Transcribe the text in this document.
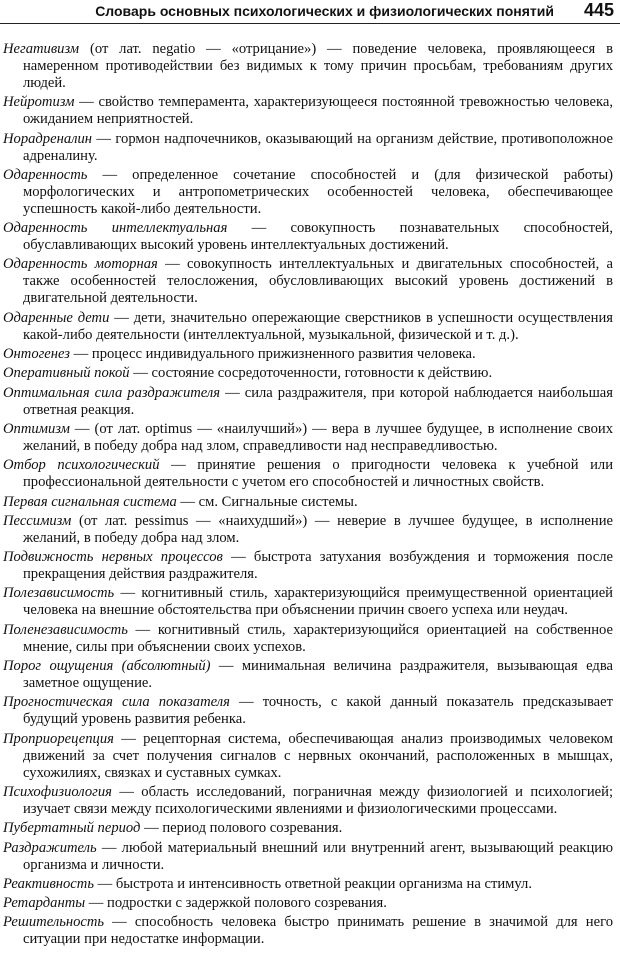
Словарь основных психологических и физиологических понятий 445

Негативизм (от лат. negatio — «отрицание») — поведение человека, проявляющееся в намеренном противодействии без видимых к тому причин просьбам, требованиям других людей.

Нейротизм — свойство темперамента, характеризующееся постоянной тревожностью человека, ожиданием неприятностей.

Норадреналин — гормон надпочечников, оказывающий на организм действие, противоположное адреналину.

Одаренность — определенное сочетание способностей и (для физической работы) морфологических и антропометрических особенностей человека, обеспечивающее успешность какой-либо деятельности.

Одаренность интеллектуальная — совокупность познавательных способностей, обуславливающих высокий уровень интеллектуальных достижений.

Одаренность моторная — совокупность интеллектуальных и двигательных способностей, а также особенностей телосложения, обусловливающих высокий уровень достижений в двигательной деятельности.

Одаренные дети — дети, значительно опережающие сверстников в успешности осуществления какой-либо деятельности (интеллектуальной, музыкальной, физической и т. д.).

Онтогенез — процесс индивидуального прижизненного развития человека.

Оперативный покой — состояние сосредоточенности, готовности к действию.

Оптимальная сила раздражителя — сила раздражителя, при которой наблюдается наибольшая ответная реакция.

Оптимизм — (от лат. optimus — «наилучший») — вера в лучшее будущее, в исполнение своих желаний, в победу добра над злом, справедливости над несправедливостью.

Отбор психологический — принятие решения о пригодности человека к учебной или профессиональной деятельности с учетом его способностей и личностных свойств.

Первая сигнальная система — см. Сигнальные системы.

Пессимизм (от лат. pessimus — «наихудший») — неверие в лучшее будущее, в исполнение желаний, в победу добра над злом.

Подвижность нервных процессов — быстрота затухания возбуждения и торможения после прекращения действия раздражителя.

Полезависимость — когнитивный стиль, характеризующийся преимущественной ориентацией человека на внешние обстоятельства при объяснении причин своего успеха или неудач.

Поленезависимость — когнитивный стиль, характеризующийся ориентацией на собственное мнение, силы при объяснении своих успехов.

Порог ощущения (абсолютный) — минимальная величина раздражителя, вызывающая едва заметное ощущение.

Прогностическая сила показателя — точность, с какой данный показатель предсказывает будущий уровень развития ребенка.

Проприорецепция — рецепторная система, обеспечивающая анализ производимых человеком движений за счет получения сигналов с нервных окончаний, расположенных в мышцах, сухожилиях, связках и суставных сумках.

Психофизиология — область исследований, пограничная между физиологией и психологией; изучает связи между психологическими явлениями и физиологическими процессами.

Пубертатный период — период полового созревания.

Раздражитель — любой материальный внешний или внутренний агент, вызывающий реакцию организма и личности.

Реактивность — быстрота и интенсивность ответной реакции организма на стимул.

Ретарданты — подростки с задержкой полового созревания.

Решительность — способность человека быстро принимать решение в значимой для него ситуации при недостатке информации.
